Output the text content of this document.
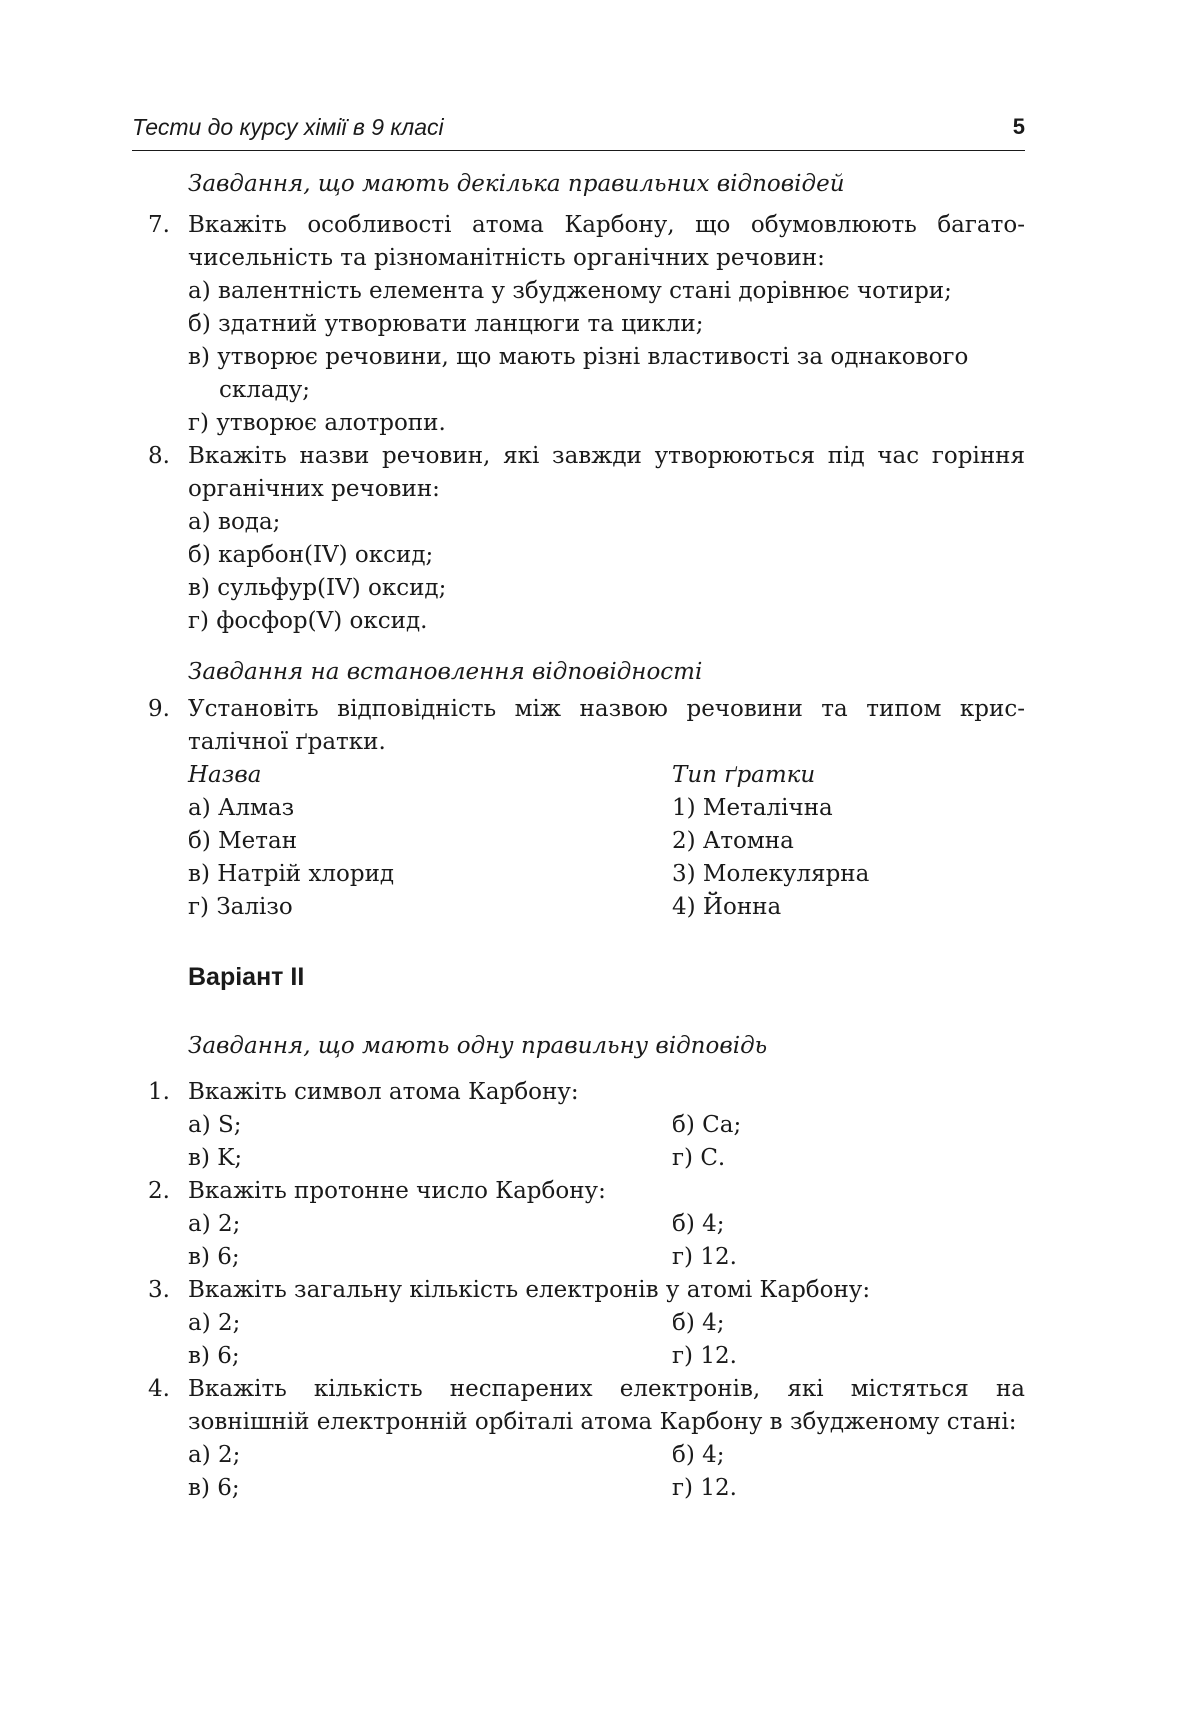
Тести до курсу хімії в 9 класі	5
Завдання, що мають декілька правильних відповідей
7. Вкажіть особливості атома Карбону, що обумовлюють багаточисельність та різноманітність органічних речовин:
а) валентність елемента у збудженому стані дорівнює чотири;
б) здатний утворювати ланцюги та цикли;
в) утворює речовини, що мають різні властивості за однакового складу;
г) утворює алотропи.
8. Вкажіть назви речовин, які завжди утворюються під час горіння органічних речовин:
а) вода;
б) карбон(IV) оксид;
в) сульфур(IV) оксид;
г) фосфор(V) оксид.
Завдання на встановлення відповідності
9. Установіть відповідність між назвою речовини та типом кристалічної ґратки.
Назва	Тип ґратки
а) Алмаз	1) Металічна
б) Метан	2) Атомна
в) Натрій хлорид	3) Молекулярна
г) Залізо	4) Йонна
Варіант II
Завдання, що мають одну правильну відповідь
1. Вкажіть символ атома Карбону:
а) S;	б) Са;
в) K;	г) С.
2. Вкажіть протонне число Карбону:
а) 2;	б) 4;
в) 6;	г) 12.
3. Вкажіть загальну кількість електронів у атомі Карбону:
а) 2;	б) 4;
в) 6;	г) 12.
4. Вкажіть кількість неспарених електронів, які містяться на зовнішній електронній орбіталі атома Карбону в збудженому стані:
а) 2;	б) 4;
в) 6;	г) 12.
